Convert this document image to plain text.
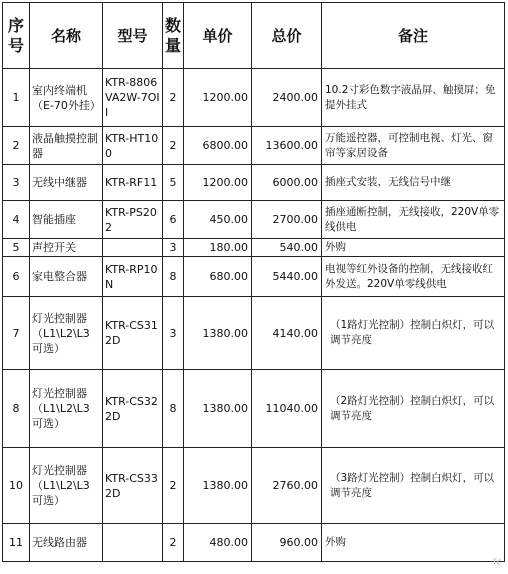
序号	名称	型号	数量	单价	总价	备注
1	室内终端机（E-70外挂）	KTR-8806VA2W-7OII	2	1200.00	2400.00	10.2寸彩色数字液晶屏、触摸屏；免提外挂式
2	液晶触摸控制器	KTR-HT100	2	6800.00	13600.00	万能遥控器，可控制电视、灯光、窗帘等家居设备
3	无线中继器	KTR-RF11	5	1200.00	6000.00	插座式安装，无线信号中继
4	智能插座	KTR-PS202	6	450.00	2700.00	插座通断控制，无线接收，220V单零线供电
5	声控开关		3	180.00	540.00	外购
6	家电整合器	KTR-RP10N	8	680.00	5440.00	电视等红外设备的控制，无线接收红外发送。220V单零线供电
7	灯光控制器（L1\L2\L3可选）	KTR-CS312D	3	1380.00	4140.00	（1路灯光控制）控制白炽灯，可以调节亮度
8	灯光控制器（L1\L2\L3可选）	KTR-CS322D	8	1380.00	11040.00	（2路灯光控制）控制白炽灯，可以调节亮度
10	灯光控制器（L1\L2\L3可选）	KTR-CS332D	2	1380.00	2760.00	（3路灯光控制）控制白炽灯，可以调节亮度
11	无线路由器		2	480.00	960.00	外购
fc
